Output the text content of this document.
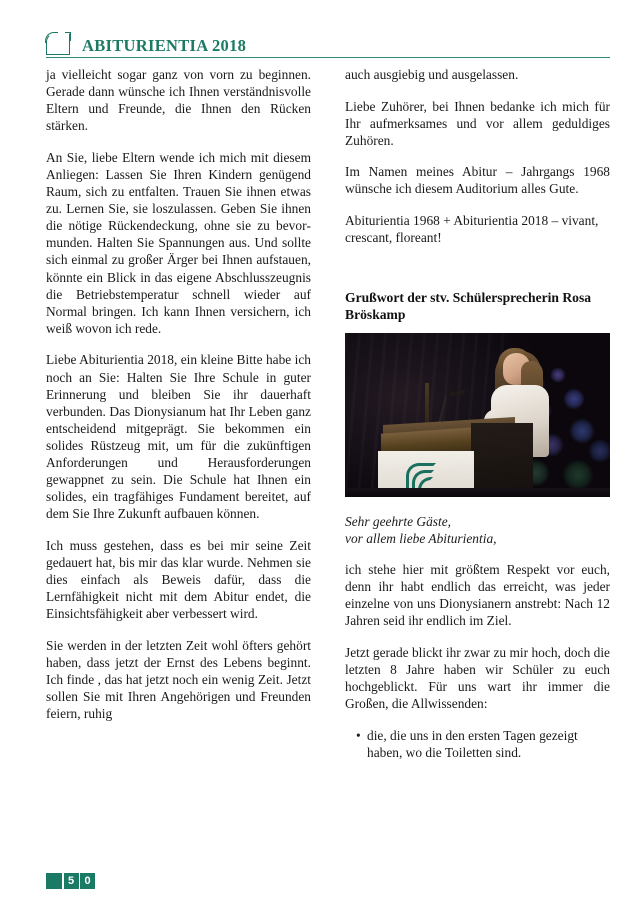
ABITURIENTIA 2018

ja vielleicht sogar ganz von vorn zu beginnen. Gerade dann wünsche ich Ihnen verständnisvolle Eltern und Freunde, die Ihnen den Rücken stärken.

An Sie, liebe Eltern wende ich mich mit diesem Anliegen: Lassen Sie Ihren Kindern genügend Raum, sich zu entfalten. Trauen Sie ihnen etwas zu. Lernen Sie, sie loszulassen. Geben Sie ihnen die nötige Rückendeckung, ohne sie zu bevormunden. Halten Sie Spannungen aus. Und sollte sich einmal zu großer Ärger bei Ihnen aufstauen, könnte ein Blick in das eigene Abschlusszeugnis die Betriebstemperatur schnell wieder auf Normal bringen. Ich kann Ihnen versichern, ich weiß wovon ich rede.

Liebe Abiturientia 2018, ein kleine Bitte habe ich noch an Sie: Halten Sie Ihre Schule in guter Erinnerung und bleiben Sie ihr dauerhaft verbunden. Das Dionysianum hat Ihr Leben ganz entscheidend mitgeprägt. Sie bekommen ein solides Rüstzeug mit, um für die zukünftigen Anforderungen und Herausforderungen gewappnet zu sein. Die Schule hat Ihnen ein solides, ein tragfähiges Fundament bereitet, auf dem Sie Ihre Zukunft aufbauen können.

Ich muss gestehen, dass es bei mir seine Zeit gedauert hat, bis mir das klar wurde. Nehmen sie dies einfach als Beweis dafür, dass die Lernfähigkeit nicht mit dem Abitur endet, die Einsichtsfähigkeit aber verbessert wird.

Sie werden in der letzten Zeit wohl öfters gehört haben, dass jetzt der Ernst des Lebens beginnt. Ich finde , das hat jetzt noch ein wenig Zeit. Jetzt sollen Sie mit Ihren Angehörigen und Freunden feiern, ruhig

auch ausgiebig und ausgelassen.

Liebe Zuhörer, bei Ihnen bedanke ich mich für Ihr aufmerksames und vor allem geduldiges Zuhören.

Im Namen meines Abitur – Jahrgangs 1968 wünsche ich diesem Auditorium alles Gute.

Abiturientia 1968 + Abiturientia 2018 – vivant, crescant, floreant!

Grußwort der stv. Schülersprecherin Rosa Bröskamp
Sehr geehrte Gäste,
vor allem liebe Abiturientia,

ich stehe hier mit größtem Respekt vor euch, denn ihr habt endlich das erreicht, was jeder einzelne von uns Dionysianern anstrebt: Nach 12 Jahren seid ihr endlich im Ziel.

Jetzt gerade blickt ihr zwar zu mir hoch, doch die letzten 8 Jahre haben wir Schüler zu euch hochgeblickt. Für uns wart ihr immer die Großen, die Allwissenden:

• die, die uns in den ersten Tagen gezeigt haben, wo die Toiletten sind.
5 0
